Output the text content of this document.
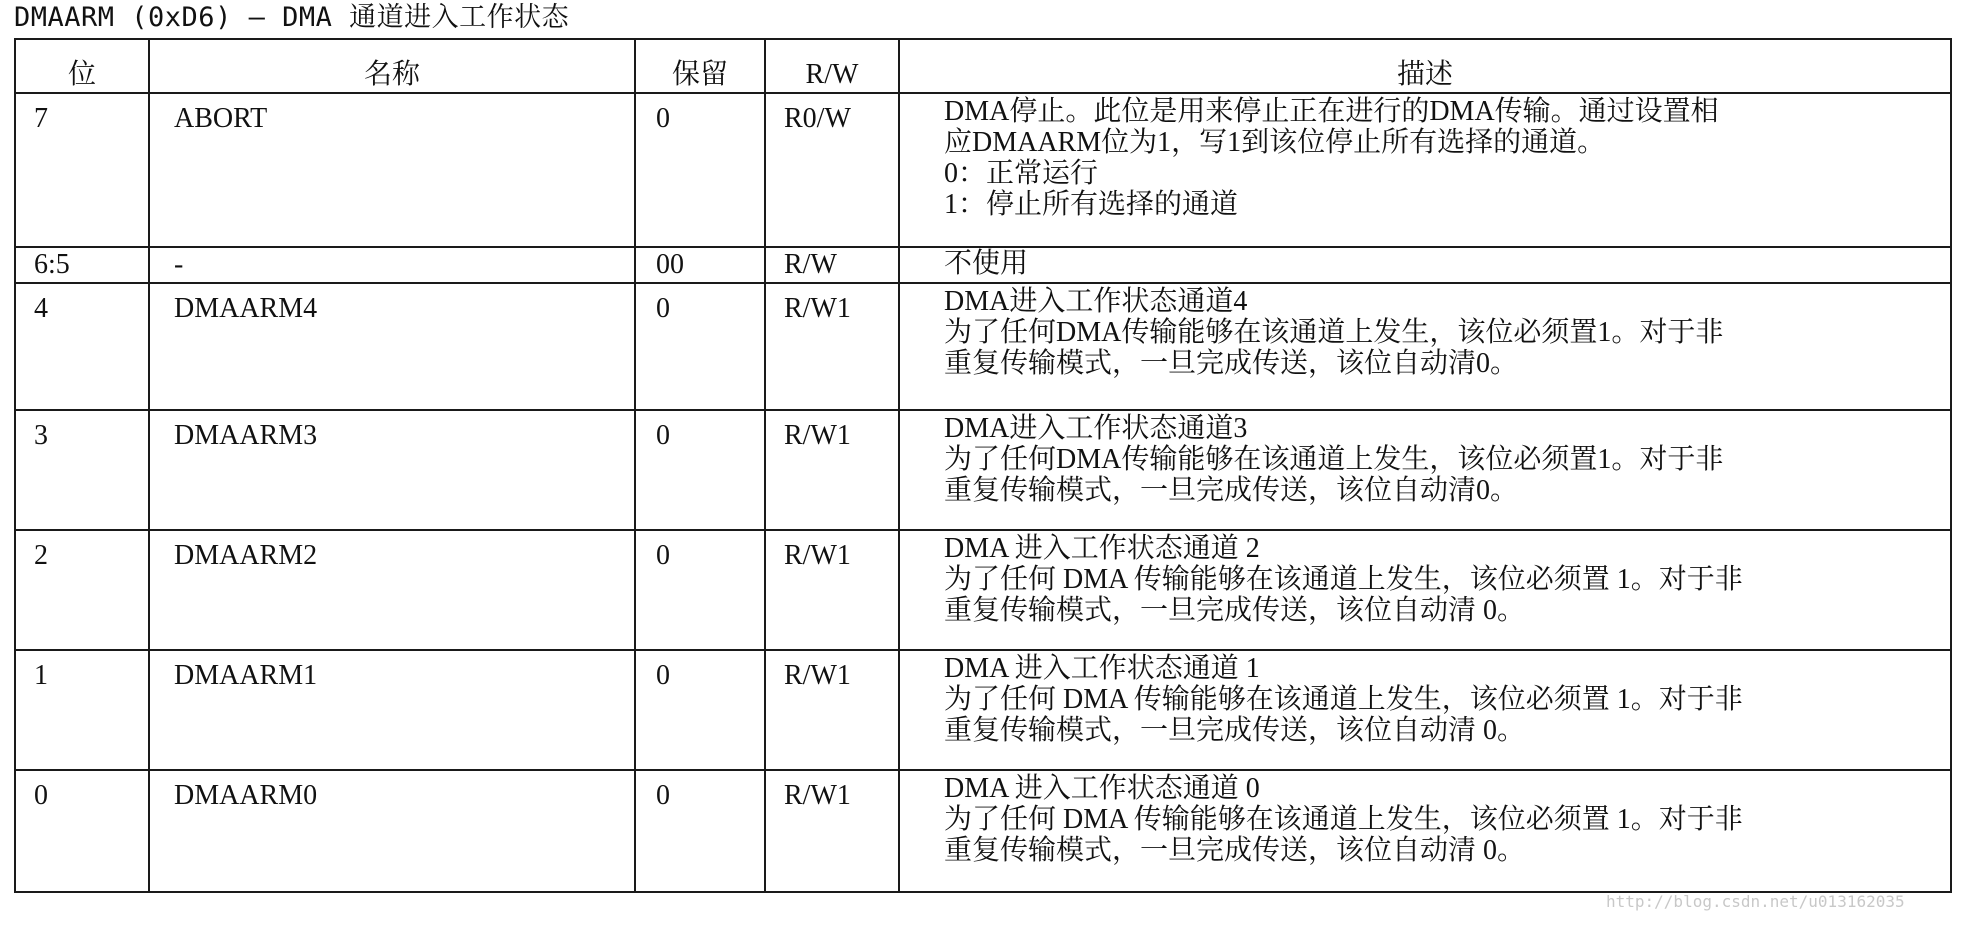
DMAARM (0xD6) – DMA 通道进入工作状态
位	名称	保留	R/W	描述

7	ABORT	0	R0/W	DMA停止。此位是用来停止正在进行的DMA传输。通过设置相
应DMAARM位为1，写1到该位停止所有选择的通道。
0：正常运行
1：停止所有选择的通道

6:5	-	00	R/W	不使用

4	DMAARM4	0	R/W1	DMA进入工作状态通道4
为了任何DMA传输能够在该通道上发生，该位必须置1。对于非
重复传输模式，一旦完成传送，该位自动清0。

3	DMAARM3	0	R/W1	DMA进入工作状态通道3
为了任何DMA传输能够在该通道上发生，该位必须置1。对于非
重复传输模式，一旦完成传送，该位自动清0。

2	DMAARM2	0	R/W1	DMA 进入工作状态通道 2
为了任何 DMA 传输能够在该通道上发生，该位必须置 1。对于非
重复传输模式，一旦完成传送，该位自动清 0。

1	DMAARM1	0	R/W1	DMA 进入工作状态通道 1
为了任何 DMA 传输能够在该通道上发生，该位必须置 1。对于非
重复传输模式，一旦完成传送，该位自动清 0。

0	DMAARM0	0	R/W1	DMA 进入工作状态通道 0
为了任何 DMA 传输能够在该通道上发生，该位必须置 1。对于非
重复传输模式，一旦完成传送，该位自动清 0。
http://blog.csdn.net/u013162035
